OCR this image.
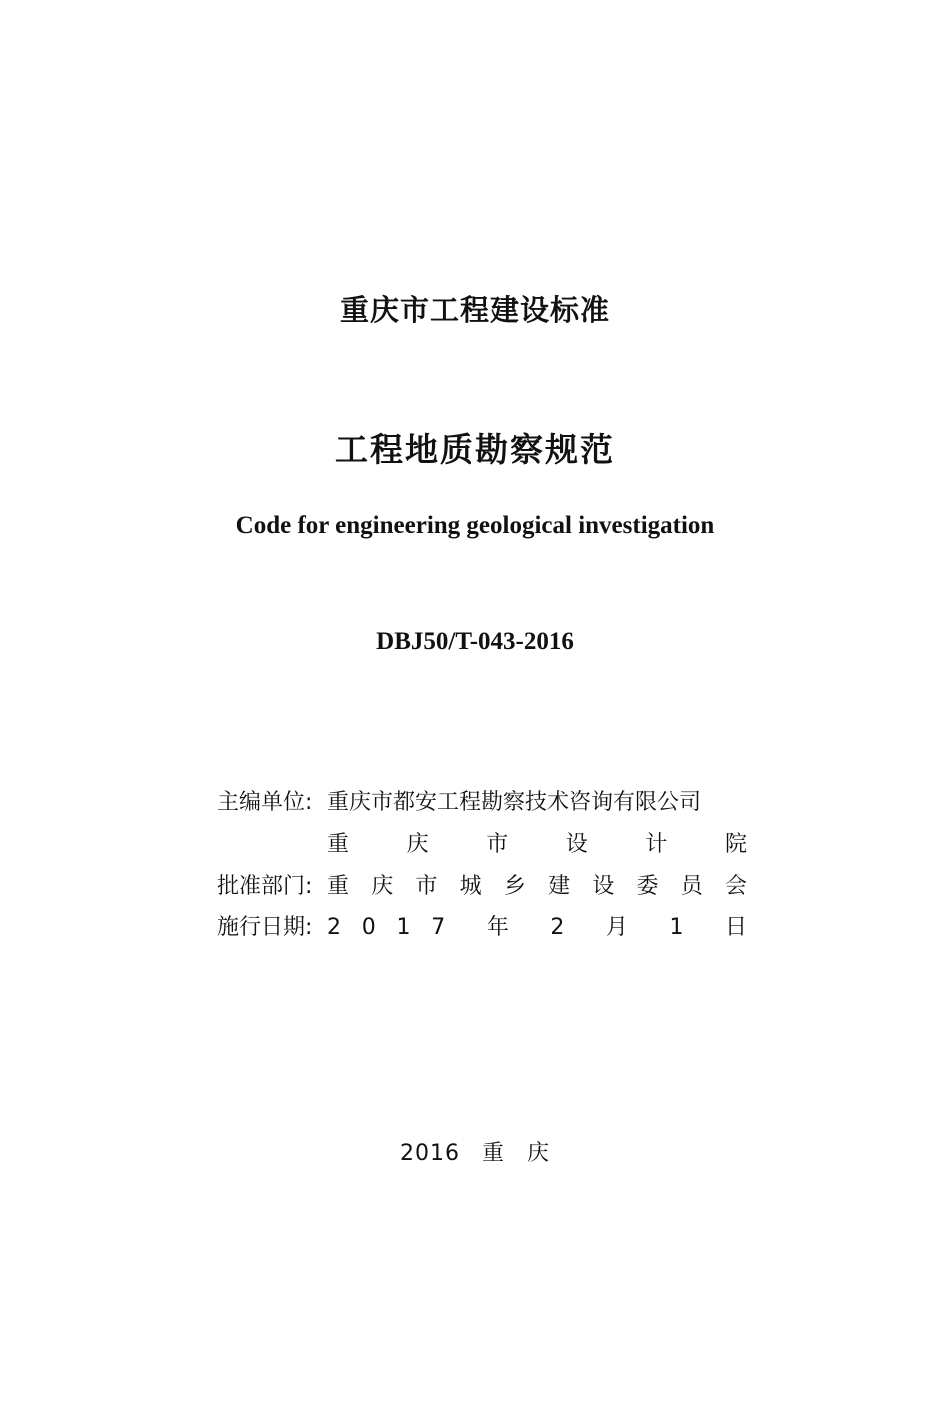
重庆市工程建设标准
工程地质勘察规范
Code for engineering geological investigation
DBJ50/T-043-2016
主编单位: 重庆市都安工程勘察技术咨询有限公司
重	庆	市	设	计	院
批准部门: 重 庆 市 城 乡 建 设 委 员 会
施行日期: 2 0 1 7 年 2 月 1 日
2016 重 庆
